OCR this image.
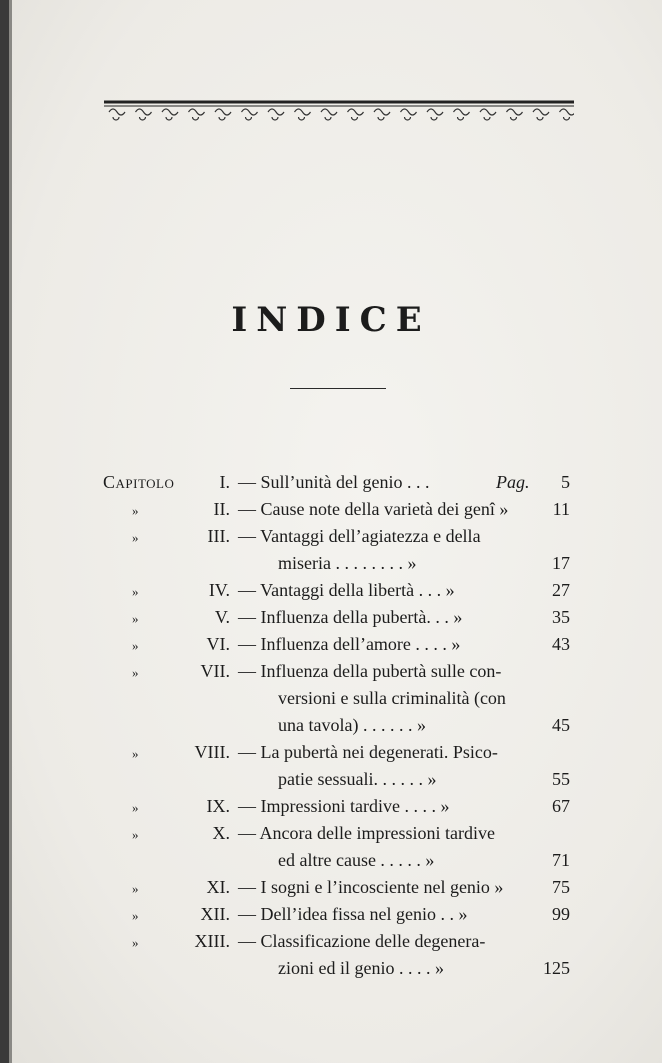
INDICE
Capitolo	I. — Sull’unità del genio . . .	Pag.	5
»	II. — Cause note della varietà dei genî »	11
»	III. — Vantaggi dell’agiatezza e della
miseria . . . . . . . . »	17
»	IV. — Vantaggi della libertà . . . »	27
»	V. — Influenza della pubertà. . . »	35
»	VI. — Influenza dell’amore . . . . »	43
»	VII. — Influenza della pubertà sulle con-
versioni e sulla criminalità (con
una tavola) . . . . . . »	45
»	VIII. — La pubertà nei degenerati. Psico-
patie sessuali. . . . . . »	55
»	IX. — Impressioni tardive . . . . »	67
»	X. — Ancora delle impressioni tardive
ed altre cause . . . . . »	71
»	XI. — I sogni e l’incosciente nel genio »	75
»	XII. — Dell’idea fissa nel genio . . »	99
»	XIII. — Classificazione delle degenera-
zioni ed il genio . . . . »	125
